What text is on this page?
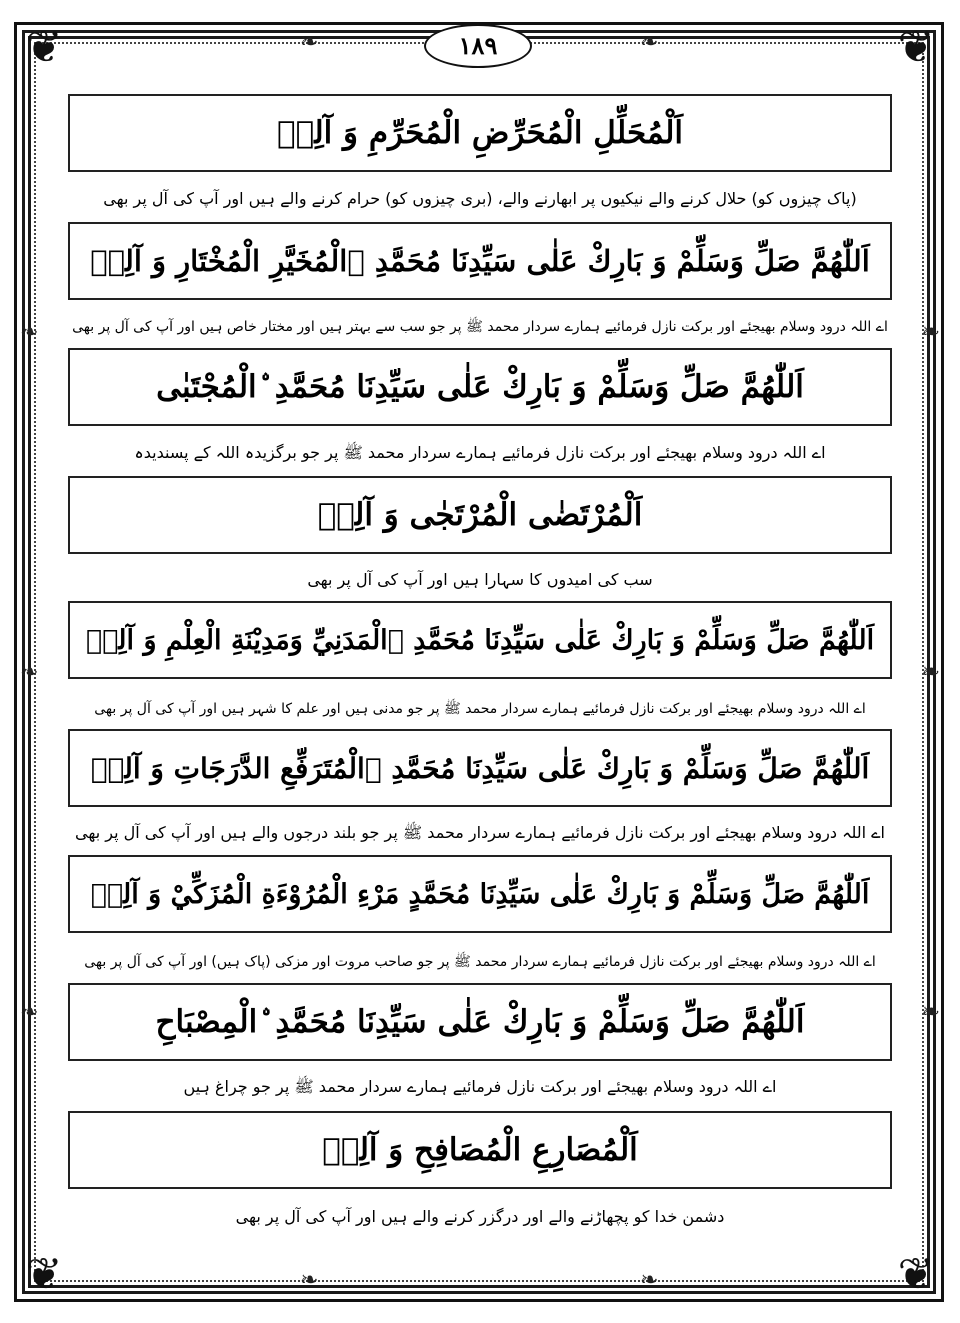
❦	❦
❦	❦
❧
❧
❧
❧
❧
❧
❧	❧
❧	❧
۱۸۹
اَلْمُحَلِّلِ الْمُحَرِّضِ الْمُحَرِّمِ وَ آلِهٖ
(پاک چیزوں کو) حلال کرنے والے نیکیوں پر ابھارنے والے، (بری چیزوں کو) حرام کرنے والے ہیں اور آپ کی آل پر بھی
اَللّٰهُمَّ صَلِّ وَسَلِّمْ وَ بَارِكْ عَلٰى سَيِّدِنَا مُحَمَّدِ ۨالْمُخَيَّرِ الْمُخْتَارِ وَ آلِهٖ
اے اللہ درود وسلام بھیجئے اور برکت نازل فرمائیے ہمارے سردار محمد ﷺ پر جو سب سے بہتر ہیں اور مختار خاص ہیں اور آپ کی آل پر بھی
اَللّٰهُمَّ صَلِّ وَسَلِّمْ وَ بَارِكْ عَلٰى سَيِّدِنَا مُحَمَّدِ ۨالْمُجْتَبٰى
اے اللہ درود وسلام بھیجئے اور برکت نازل فرمائیے ہمارے سردار محمد ﷺ پر جو برگزیدہ اللہ کے پسندیدہ
اَلْمُرْتَضٰى الْمُرْتَجٰى وَ آلِهٖ
سب کی امیدوں کا سہارا ہیں اور آپ کی آل پر بھی
اَللّٰهُمَّ صَلِّ وَسَلِّمْ وَ بَارِكْ عَلٰى سَيِّدِنَا مُحَمَّدِ ۨالْمَدَنِيِّ وَمَدِيْنَةِ الْعِلْمِ وَ آلِهٖ
اے اللہ درود وسلام بھیجئے اور برکت نازل فرمائیے ہمارے سردار محمد ﷺ پر جو مدنی ہیں اور علم کا شہر ہیں اور آپ کی آل پر بھی
اَللّٰهُمَّ صَلِّ وَسَلِّمْ وَ بَارِكْ عَلٰى سَيِّدِنَا مُحَمَّدِ ۨالْمُتَرَفِّعِ الدَّرَجَاتِ وَ آلِهٖ
اے اللہ درود وسلام بھیجئے اور برکت نازل فرمائیے ہمارے سردار محمد ﷺ پر جو بلند درجوں والے ہیں اور آپ کی آل پر بھی
اَللّٰهُمَّ صَلِّ وَسَلِّمْ وَ بَارِكْ عَلٰى سَيِّدِنَا مُحَمَّدٍ مَرْءِ الْمُرُوْءَةِ الْمُزَكِّيْ وَ آلِهٖ
اے اللہ درود وسلام بھیجئے اور برکت نازل فرمائیے ہمارے سردار محمد ﷺ پر جو صاحب مروت اور مزکی (پاک ہیں) اور آپ کی آل پر بھی
اَللّٰهُمَّ صَلِّ وَسَلِّمْ وَ بَارِكْ عَلٰى سَيِّدِنَا مُحَمَّدِ ۨالْمِصْبَاحِ
اے اللہ درود وسلام بھیجئے اور برکت نازل فرمائیے ہمارے سردار محمد ﷺ پر جو چراغ ہیں
اَلْمُصَارِعِ الْمُصَافِحِ وَ آلِهٖ
دشمن خدا کو پچھاڑنے والے اور درگزر کرنے والے ہیں اور آپ کی آل پر بھی
